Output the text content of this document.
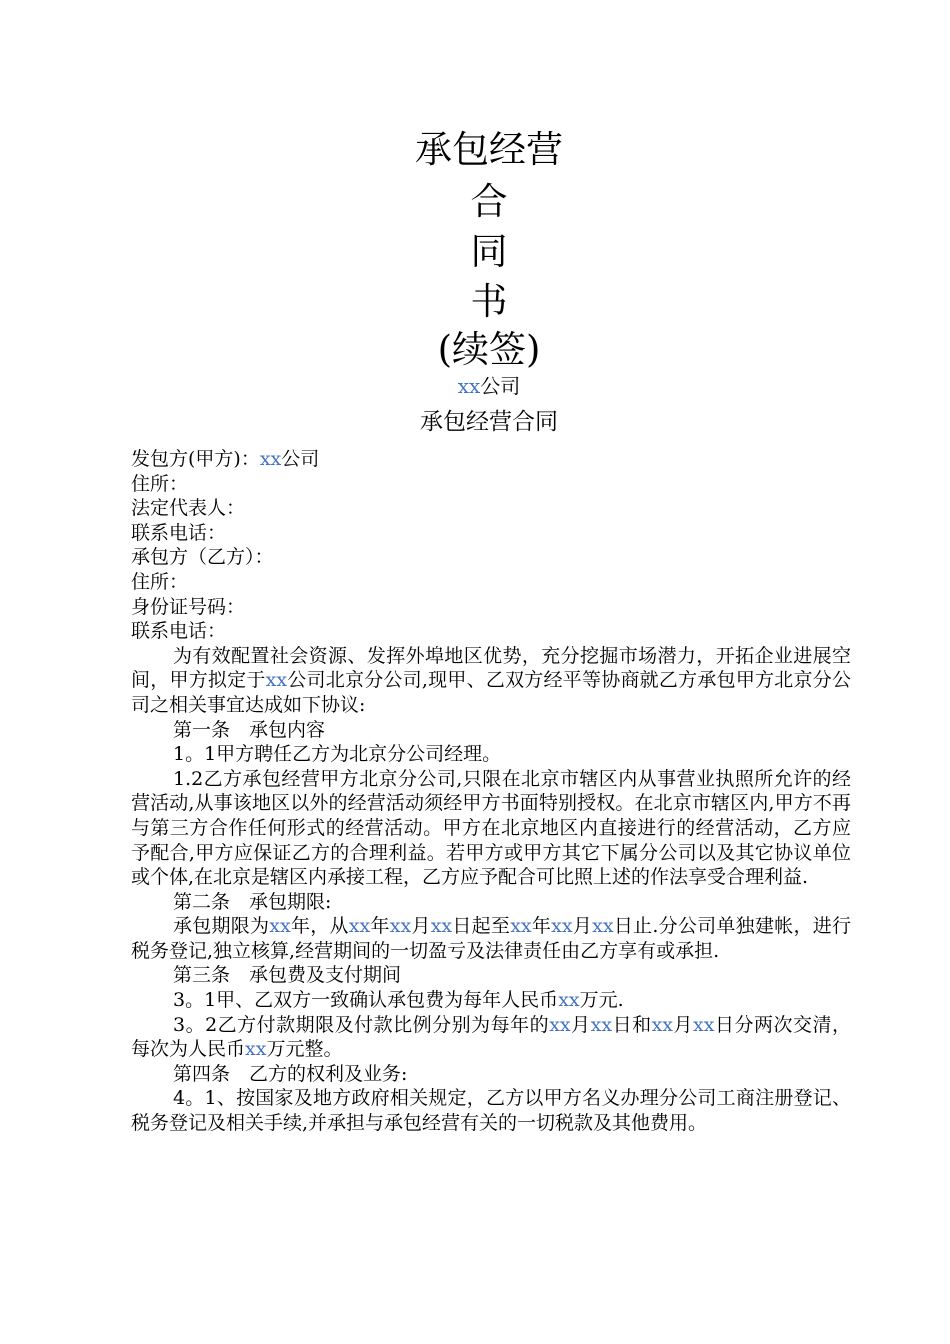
承包经营
合
同
书
(续签)
xx公司
承包经营合同
发包方(甲方)：xx公司
住所：
法定代表人：
联系电话：
承包方（乙方）：
住所：
身份证号码：
联系电话：
为有效配置社会资源、发挥外埠地区优势，充分挖掘市场潜力，开拓企业进展空间，甲方拟定于xx公司北京分公司,现甲、乙双方经平等协商就乙方承包甲方北京分公司之相关事宜达成如下协议:
第一条　承包内容
1。1甲方聘任乙方为北京分公司经理。
1.2乙方承包经营甲方北京分公司,只限在北京市辖区内从事营业执照所允许的经营活动,从事该地区以外的经营活动须经甲方书面特别授权。在北京市辖区内,甲方不再与第三方合作任何形式的经营活动。甲方在北京地区内直接进行的经营活动，乙方应予配合,甲方应保证乙方的合理利益。若甲方或甲方其它下属分公司以及其它协议单位或个体,在北京是辖区内承接工程，乙方应予配合可比照上述的作法享受合理利益.
第二条　承包期限:
承包期限为xx年，从xx年xx月xx日起至xx年xx月xx日止.分公司单独建帐，进行税务登记,独立核算,经营期间的一切盈亏及法律责任由乙方享有或承担.
第三条　承包费及支付期间
3。1甲、乙双方一致确认承包费为每年人民币xx万元.
3。2乙方付款期限及付款比例分别为每年的xx月xx日和xx月xx日分两次交清，每次为人民币xx万元整。
第四条　乙方的权利及业务:
4。1、按国家及地方政府相关规定，乙方以甲方名义办理分公司工商注册登记、税务登记及相关手续,并承担与承包经营有关的一切税款及其他费用。
